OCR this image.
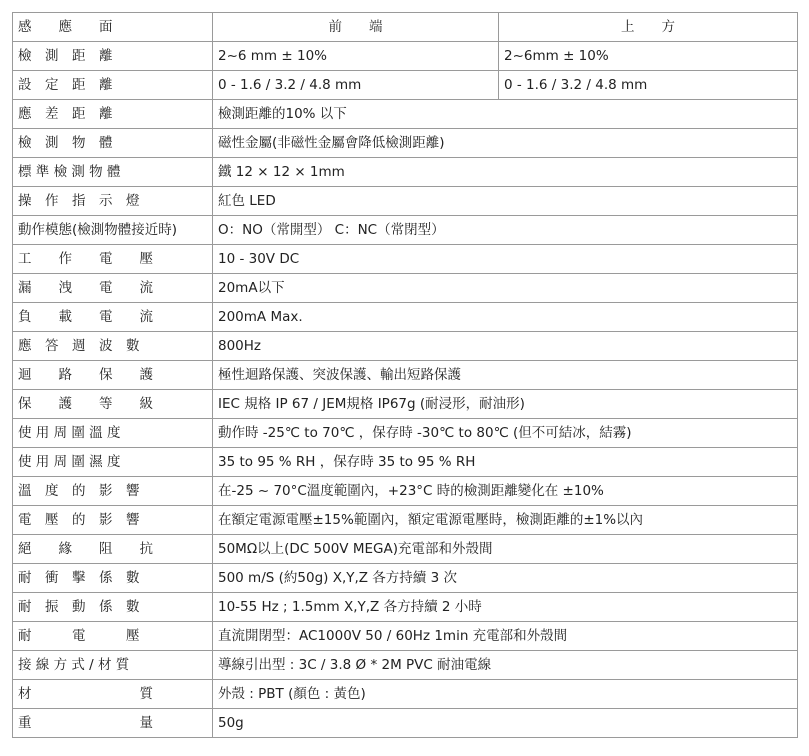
感　　應　　面	前　　端	上　　方
檢　測　距　離	2~6 mm ± 10%	2~6mm ± 10%
設　定　距　離	0 - 1.6 / 3.2 / 4.8 mm	0 - 1.6 / 3.2 / 4.8 mm
應　差　距　離	檢測距離的10% 以下	
檢　測　物　體	磁性金屬(非磁性金屬會降低檢測距離)	
標 準 檢 測 物 體	鐵 12 × 12 × 1mm	
操　作　指　示　燈	紅色 LED	
動作模態(檢測物體接近時)	O：NO（常開型） C：NC（常閉型）	
工　　作　　電　　壓	10 - 30V DC	
漏　　洩　　電　　流	20mA以下	
負　　載　　電　　流	200mA Max.	
應　答　週　波　數	800Hz	
迴　　路　　保　　護	極性迴路保護、突波保護、輸出短路保護	
保　　護　　等　　級	IEC 規格 IP 67 / JEM規格 IP67g (耐浸形，耐油形)	
使 用 周 圍 溫 度	動作時 -25℃ to 70℃ ，保存時 -30℃ to 80℃ (但不可結冰，結霧)	
使 用 周 圍 濕 度	35 to 95 % RH ，保存時 35 to 95 % RH	
溫　度　的　影　響	在-25 ~ 70°C溫度範圍內，+23°C 時的檢測距離變化在 ±10%	
電　壓　的　影　響	在額定電源電壓±15%範圍內，額定電源電壓時，檢測距離的±1%以內	
絕　　緣　　阻　　抗	50MΩ以上(DC 500V MEGA)充電部和外殼間	
耐　衝　擊　係　數	500 m/S (約50g) X,Y,Z 各方持續 3 次	
耐　振　動　係　數	10-55 Hz ; 1.5mm X,Y,Z 各方持續 2 小時	
耐　　　電　　　壓	直流開閉型：AC1000V 50 / 60Hz 1min 充電部和外殼間	
接 線 方 式 / 材 質	導線引出型 : 3C / 3.8 Ø * 2M PVC 耐油電線	
材　　　　　　　　質	外殼 : PBT (顏色 : 黃色)	
重　　　　　　　　量	50g	
